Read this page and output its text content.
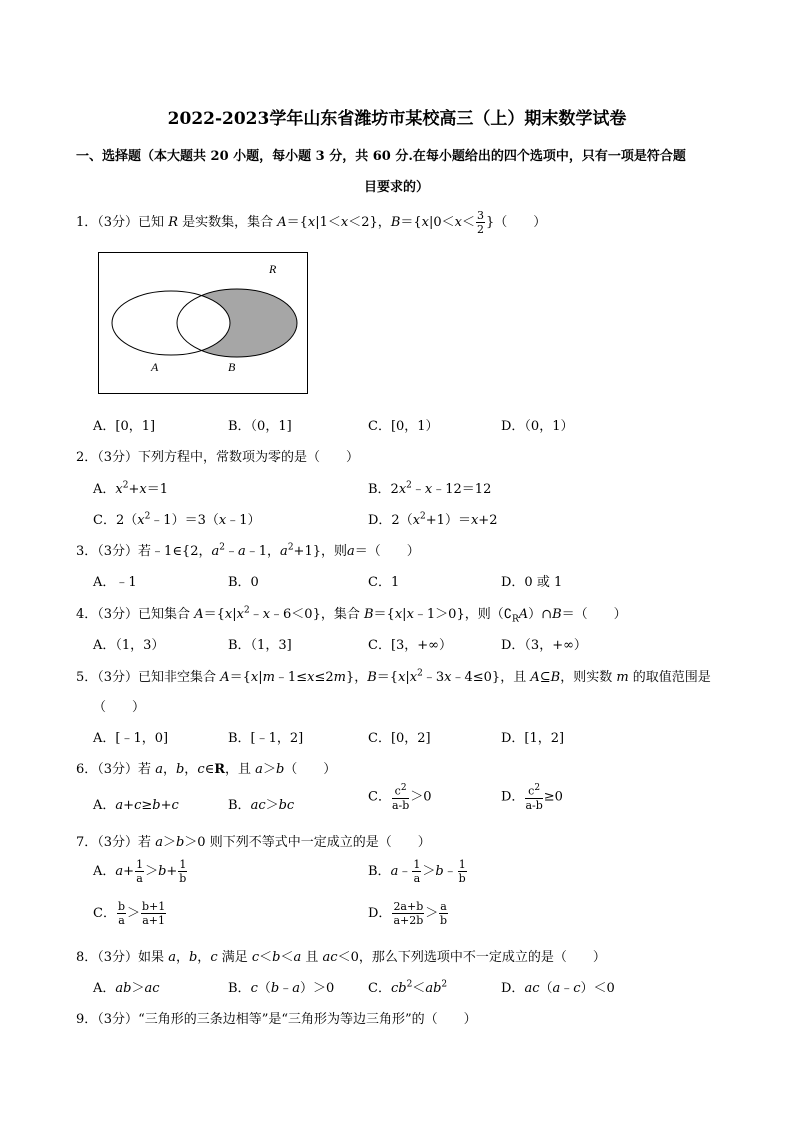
2022-2023学年山东省潍坊市某校高三（上）期末数学试卷
一、选择题（本大题共 20 小题，每小题 3 分，共 60 分.在每小题给出的四个选项中，只有一项是符合题
目要求的）
1．（3分）已知 R 是实数集，集合 A＝{x|1＜x＜2}，$B=\{x|0<x< \frac{3}{2}$ }（　　）
R
A	B
A．[0，1]	B．（0，1]	C．[0，1）	D．（0，1）
2．（3分）下列方程中，常数项为零的是（　　）
A．$x^2+x=1$	B．$2x^2﹣x﹣12=12$
C．$2(x^2﹣1)=3(x﹣1)$	D．$2(x^2+1)=x+2$
3．（3分）若﹣1∈{2，$a^2﹣a﹣1$，$a^2+1$}，则a＝（　　）
A．﹣1	B．0	C．1	D．0 或 1
4．（3分）已知集合 $A=\{x|x^2﹣x﹣6<0\}$，集合 B＝{x|x﹣1＞0}，则$(∁_RA)\cap B=$（　　）
A．（1，3）	B．（1，3]	C．[3，+∞）	D．（3，+∞）
5．（3分）已知非空集合 A＝{x|m﹣1≤x≤2m}，$B=\{x|x^2﹣3x﹣4\le 0\}$，且 A⊆B，则实数 m 的取值范围是
（　　）
A．[﹣1，0]	B．[﹣1，2]	C．[0，2]	D．[1，2]
6．（3分）若 a，b，c∈R，且 a＞b（　　）
A．a+c≥b+c	B．ac＞bc
C． $\frac{c^2}{a-b} >0$	D． $\frac{c^2}{a-b} \ge 0$
7．（3分）若 a＞b＞0 则下列不等式中一定成立的是（　　）
A．$a+ \frac{1}{a} >b+ \frac{1}{b}$	B．a﹣ $\frac{1}{a}$ ＞b﹣ $\frac{1}{b}$
C． $\frac{b}{a} > \frac{b+1}{a+1}$	D． $\frac{2a+b}{a+2b} > \frac{a}{b}$
8．（3分）如果 a，b，c 满足 c＜b＜a 且 ac＜0，那么下列选项中不一定成立的是（　　）
A．ab＞ac	B．c（b﹣a）＞0	C．$cb^2<ab^2$	D．ac（a﹣c）＜0
9．（3分）“三角形的三条边相等”是“三角形为等边三角形”的（　　）
